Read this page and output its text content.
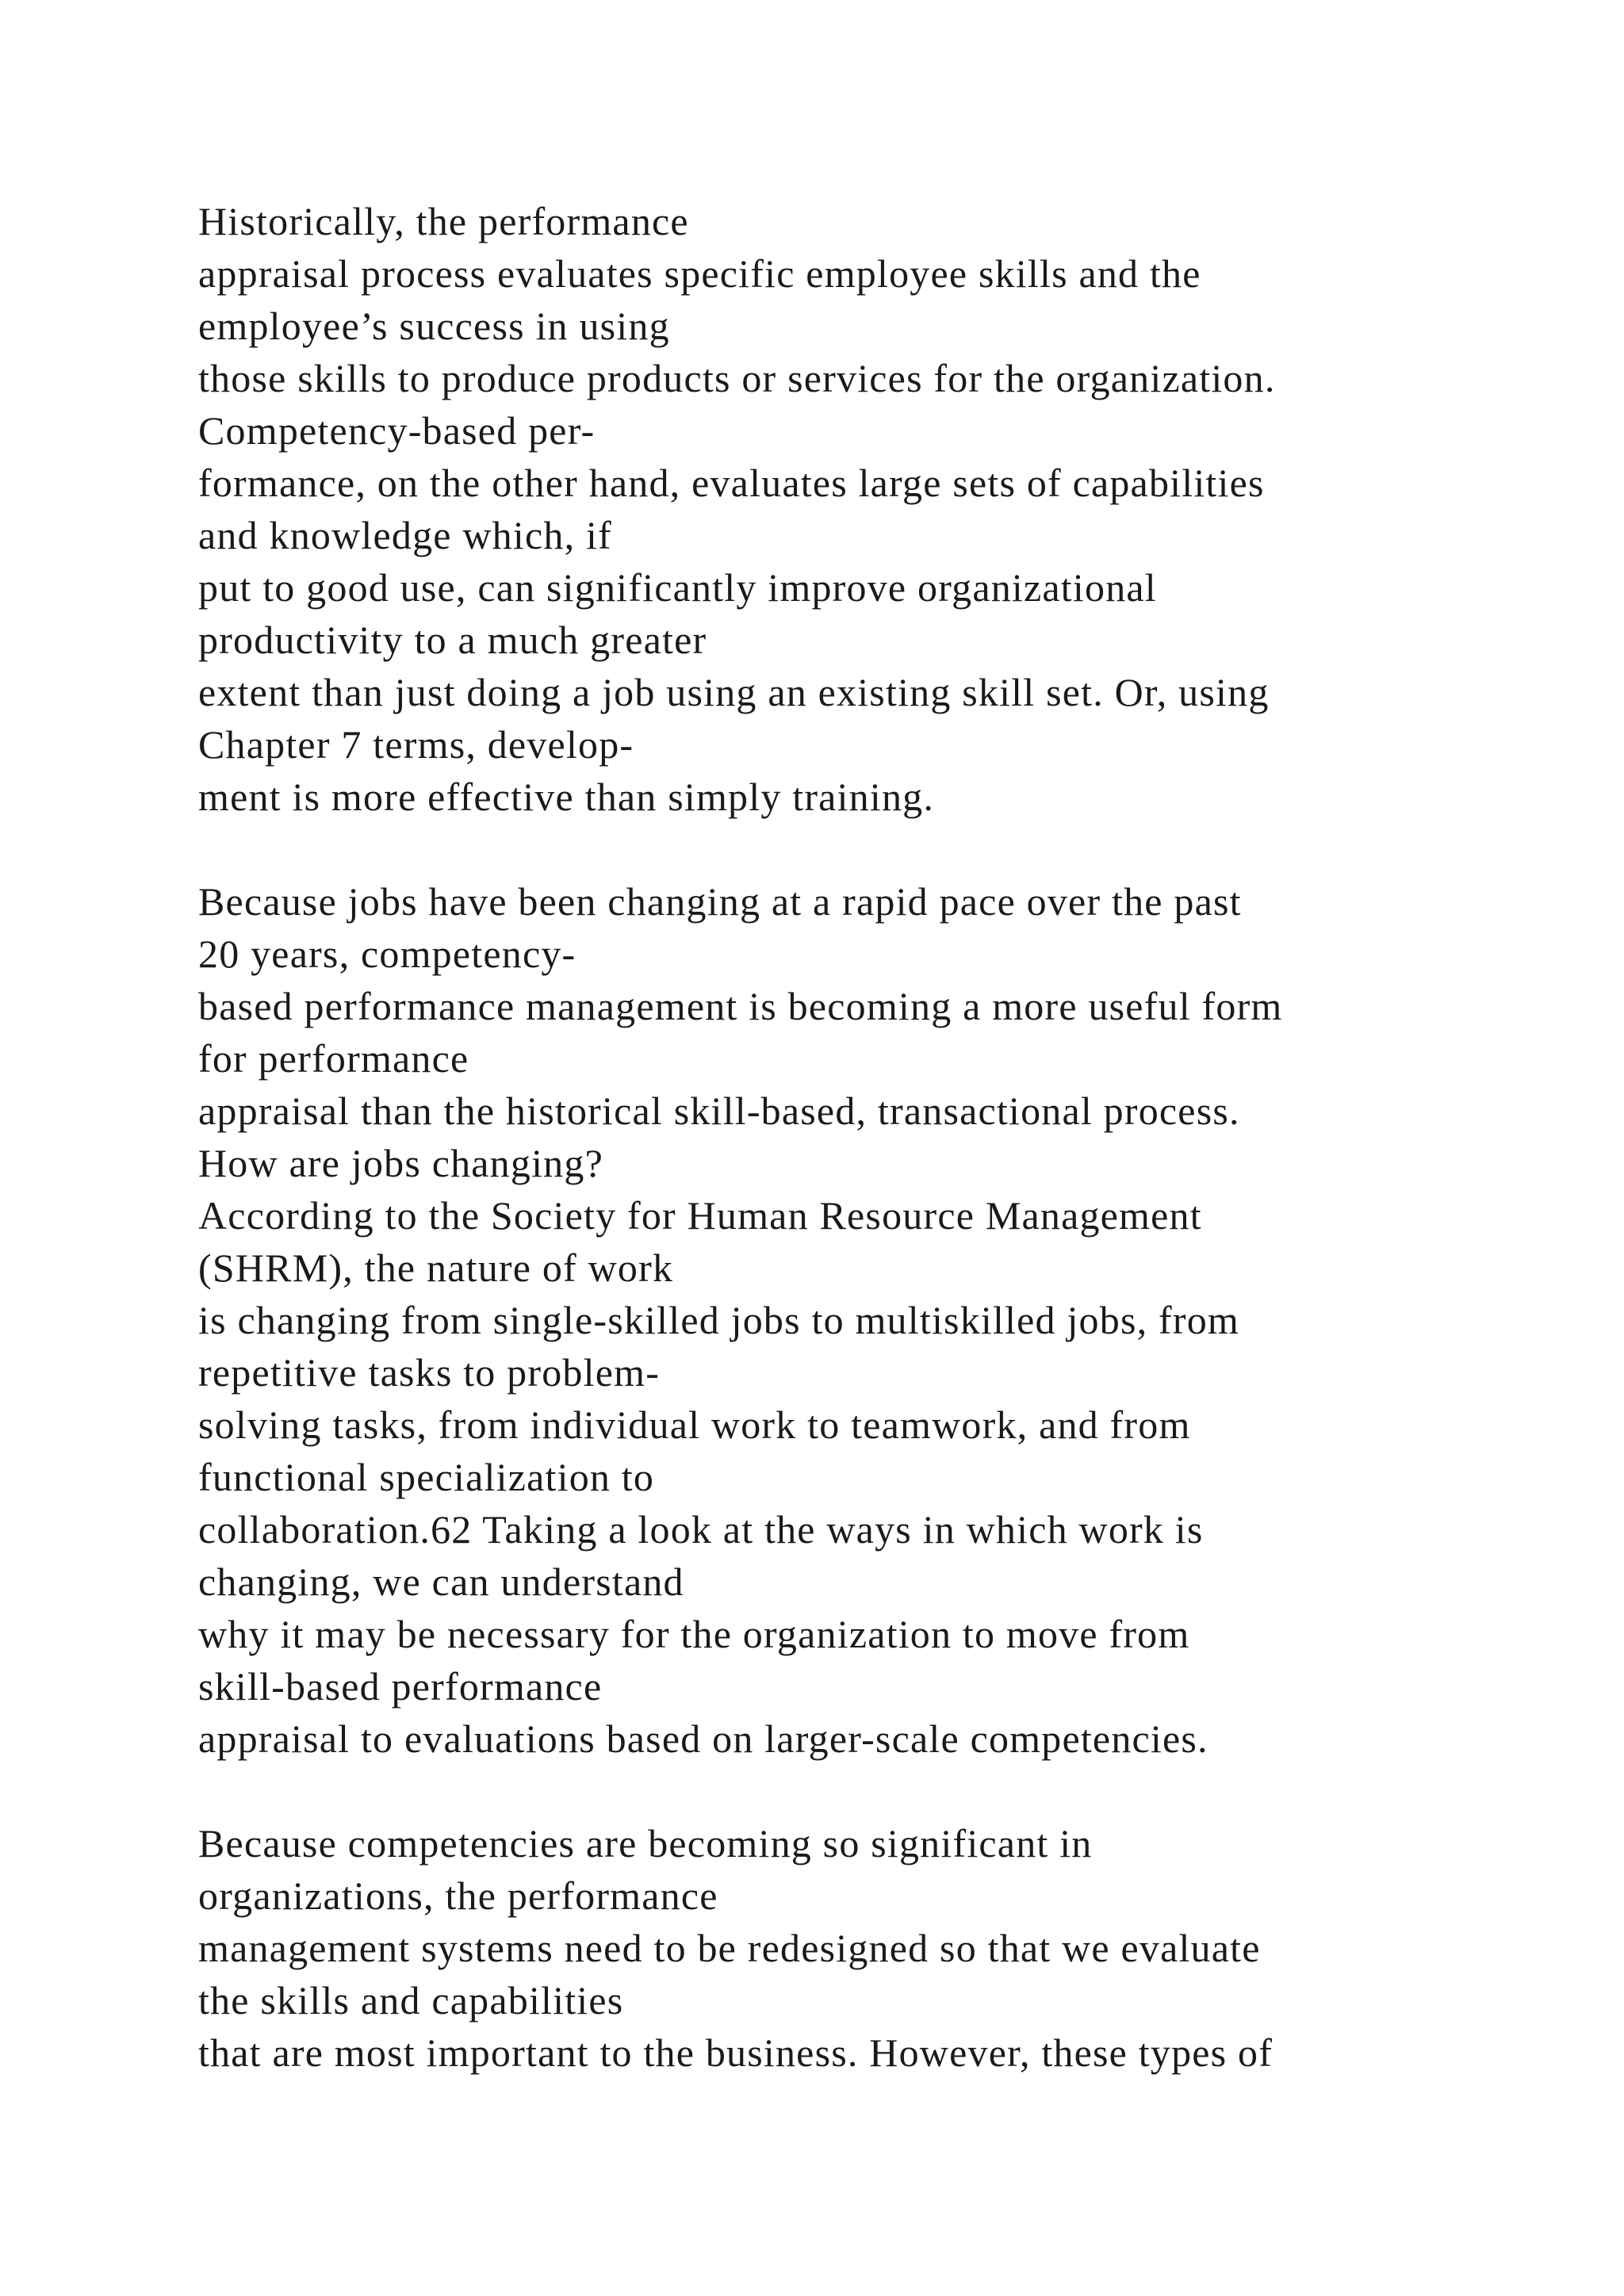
Historically, the performance
appraisal process evaluates specific employee skills and the
employee’s success in using
those skills to produce products or services for the organization.
Competency-based per-
formance, on the other hand, evaluates large sets of capabilities
and knowledge which, if
put to good use, can significantly improve organizational
productivity to a much greater
extent than just doing a job using an existing skill set. Or, using
Chapter 7 terms, develop-
ment is more effective than simply training.
Because jobs have been changing at a rapid pace over the past
20 years, competency-
based performance management is becoming a more useful form
for performance
appraisal than the historical skill-based, transactional process.
How are jobs changing?
According to the Society for Human Resource Management
(SHRM), the nature of work
is changing from single-skilled jobs to multiskilled jobs, from
repetitive tasks to problem-
solving tasks, from individual work to teamwork, and from
functional specialization to
collaboration.62 Taking a look at the ways in which work is
changing, we can understand
why it may be necessary for the organization to move from
skill-based performance
appraisal to evaluations based on larger-scale competencies.
Because competencies are becoming so significant in
organizations, the performance
management systems need to be redesigned so that we evaluate
the skills and capabilities
that are most important to the business. However, these types of
